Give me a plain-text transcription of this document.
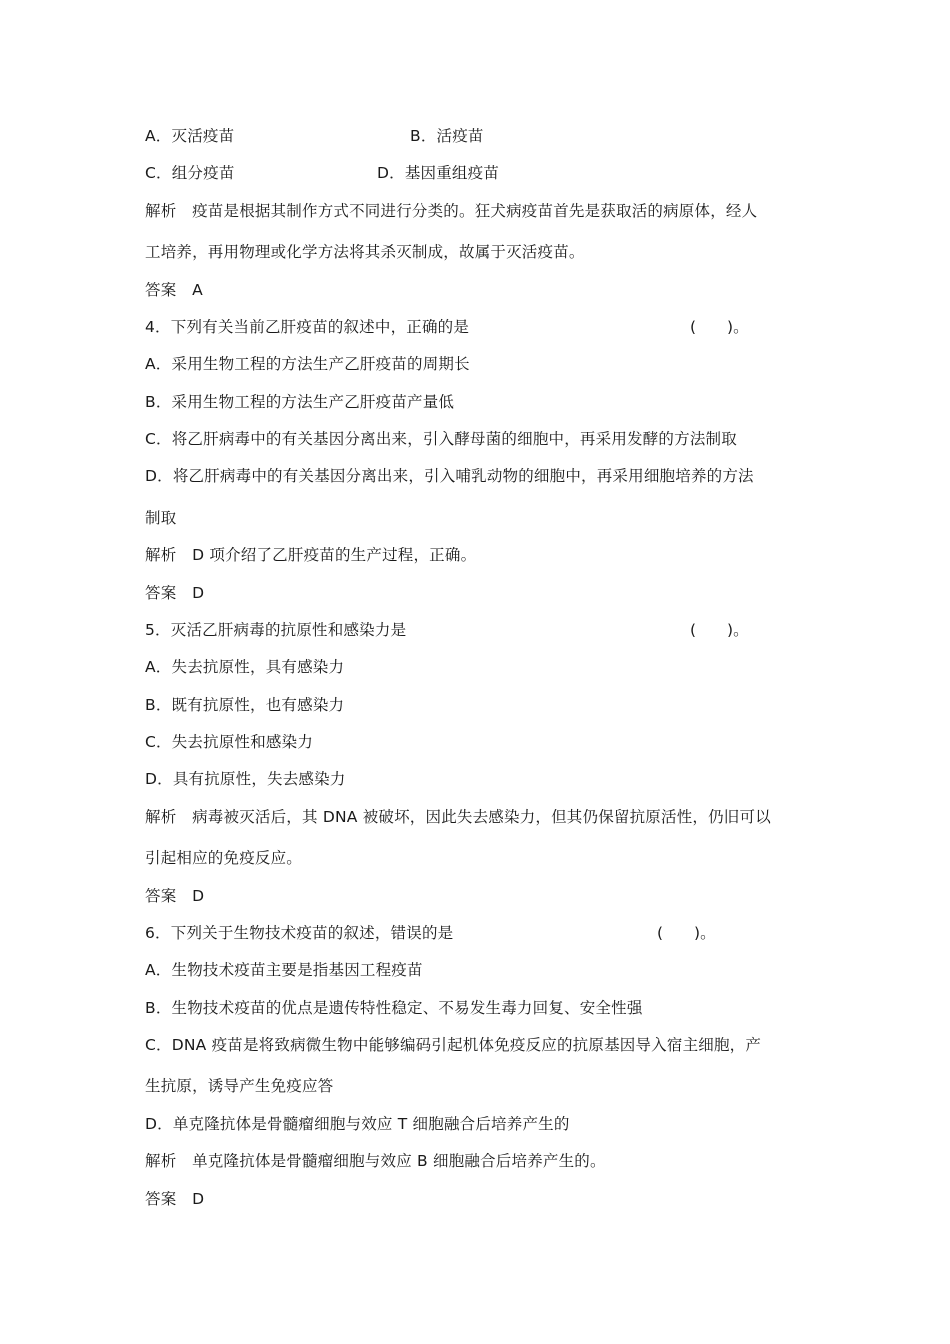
A．灭活疫苗	B．活疫苗
C．组分疫苗	D．基因重组疫苗
解析　疫苗是根据其制作方式不同进行分类的。狂犬病疫苗首先是获取活的病原体，经人
工培养，再用物理或化学方法将其杀灭制成，故属于灭活疫苗。
答案　A
4．下列有关当前乙肝疫苗的叙述中，正确的是	(　　)。
A．采用生物工程的方法生产乙肝疫苗的周期长
B．采用生物工程的方法生产乙肝疫苗产量低
C．将乙肝病毒中的有关基因分离出来，引入酵母菌的细胞中，再采用发酵的方法制取
D．将乙肝病毒中的有关基因分离出来，引入哺乳动物的细胞中，再采用细胞培养的方法
制取
解析　D 项介绍了乙肝疫苗的生产过程，正确。
答案　D
5．灭活乙肝病毒的抗原性和感染力是	(　　)。
A．失去抗原性，具有感染力
B．既有抗原性，也有感染力
C．失去抗原性和感染力
D．具有抗原性，失去感染力
解析　病毒被灭活后，其 DNA 被破坏，因此失去感染力，但其仍保留抗原活性，仍旧可以
引起相应的免疫反应。
答案　D
6．下列关于生物技术疫苗的叙述，错误的是	(　　)。
A．生物技术疫苗主要是指基因工程疫苗
B．生物技术疫苗的优点是遗传特性稳定、不易发生毒力回复、安全性强
C．DNA 疫苗是将致病微生物中能够编码引起机体免疫反应的抗原基因导入宿主细胞，产
生抗原，诱导产生免疫应答
D．单克隆抗体是骨髓瘤细胞与效应 T 细胞融合后培养产生的
解析　单克隆抗体是骨髓瘤细胞与效应 B 细胞融合后培养产生的。
答案　D
